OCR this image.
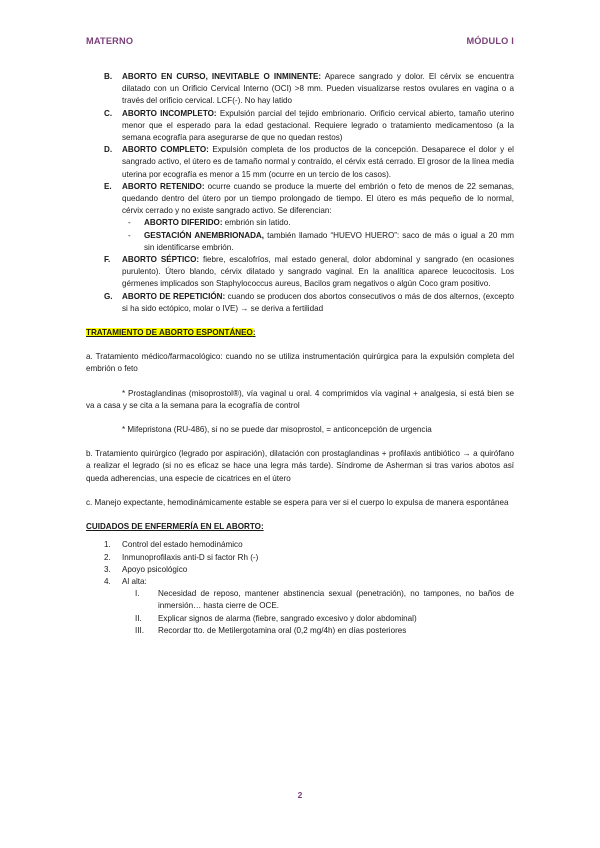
MATERNO	MÓDULO I
B. ABORTO EN CURSO, INEVITABLE O INMINENTE: Aparece sangrado y dolor. El cérvix se encuentra dilatado con un Orificio Cervical Interno (OCI) >8 mm. Pueden visualizarse restos ovulares en vagina o a través del orificio cervical. LCF(-). No hay latido
C. ABORTO INCOMPLETO: Expulsión parcial del tejido embrionario. Orificio cervical abierto, tamaño uterino menor que el esperado para la edad gestacional. Requiere legrado o tratamiento medicamentoso (a la semana ecografía para asegurarse de que no quedan restos)
D. ABORTO COMPLETO: Expulsión completa de los productos de la concepción. Desaparece el dolor y el sangrado activo, el útero es de tamaño normal y contraído, el cérvix está cerrado. El grosor de la línea media uterina por ecografía es menor a 15 mm (ocurre en un tercio de los casos).
E. ABORTO RETENIDO: ocurre cuando se produce la muerte del embrión o feto de menos de 22 semanas, quedando dentro del útero por un tiempo prolongado de tiempo. El útero es más pequeño de lo normal, cérvix cerrado y no existe sangrado activo. Se diferencian:
- ABORTO DIFERIDO: embrión sin latido.
- GESTACIÓN ANEMBRIONADA, también llamado “HUEVO HUERO”: saco de más o igual a 20 mm sin identificarse embrión.
F. ABORTO SÉPTICO: fiebre, escalofríos, mal estado general, dolor abdominal y sangrado (en ocasiones purulento). Útero blando, cérvix dilatado y sangrado vaginal. En la analítica aparece leucocitosis. Los gérmenes implicados son Staphylococcus aureus, Bacilos gram negativos o algún Coco gram positivo.
G. ABORTO DE REPETICIÓN: cuando se producen dos abortos consecutivos o más de dos alternos, (excepto si ha sido ectópico, molar o IVE) → se deriva a fertilidad
TRATAMIENTO DE ABORTO ESPONTÁNEO:
a. Tratamiento médico/farmacológico: cuando no se utiliza instrumentación quirúrgica para la expulsión completa del embrión o feto
* Prostaglandinas (misoprostol®), vía vaginal u oral. 4 comprimidos vía vaginal + analgesia, si está bien se va a casa y se cita a la semana para la ecografía de control
* Mifepristona (RU-486), si no se puede dar misoprostol, = anticoncepción de urgencia
b. Tratamiento quirúrgico (legrado por aspiración), dilatación con prostaglandinas + profilaxis antibiótico → a quirófano a realizar el legrado (si no es eficaz se hace una legra más tarde). Síndrome de Asherman si tras varios abotos así queda adherencias, una especie de cicatrices en el útero
c. Manejo expectante, hemodinámicamente estable se espera para ver si el cuerpo lo expulsa de manera espontánea
CUIDADOS DE ENFERMERÍA EN EL ABORTO:
1. Control del estado hemodinámico
2. Inmunoprofilaxis anti-D si factor Rh (-)
3. Apoyo psicológico
4. Al alta:
I. Necesidad de reposo, mantener abstinencia sexual (penetración), no tampones, no baños de inmersión… hasta cierre de OCE.
II. Explicar signos de alarma (fiebre, sangrado excesivo y dolor abdominal)
III. Recordar tto. de Metilergotamina oral (0,2 mg/4h) en días posteriores
2
